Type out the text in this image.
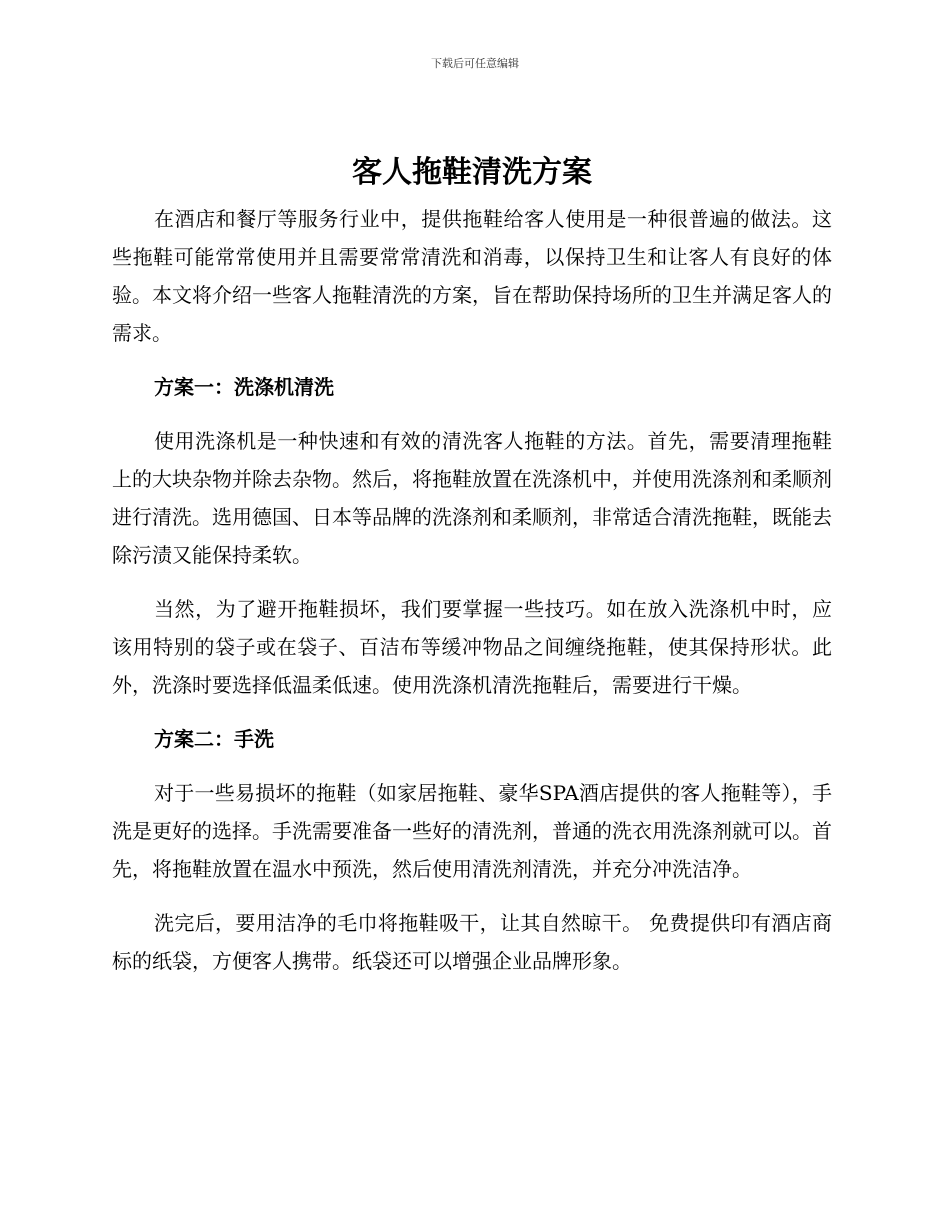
下载后可任意编辑
客人拖鞋清洗方案

在酒店和餐厅等服务行业中，提供拖鞋给客人使用是一种很普遍的做法。这些拖鞋可能常常使用并且需要常常清洗和消毒，以保持卫生和让客人有良好的体验。本文将介绍一些客人拖鞋清洗的方案，旨在帮助保持场所的卫生并满足客人的需求。

方案一：洗涤机清洗

使用洗涤机是一种快速和有效的清洗客人拖鞋的方法。首先，需要清理拖鞋上的大块杂物并除去杂物。然后，将拖鞋放置在洗涤机中，并使用洗涤剂和柔顺剂进行清洗。选用德国、日本等品牌的洗涤剂和柔顺剂，非常适合清洗拖鞋，既能去除污渍又能保持柔软。

当然，为了避开拖鞋损坏，我们要掌握一些技巧。如在放入洗涤机中时，应该用特别的袋子或在袋子、百洁布等缓冲物品之间缠绕拖鞋，使其保持形状。此外，洗涤时要选择低温柔低速。使用洗涤机清洗拖鞋后，需要进行干燥。

方案二：手洗

对于一些易损坏的拖鞋（如家居拖鞋、豪华SPA酒店提供的客人拖鞋等），手洗是更好的选择。手洗需要准备一些好的清洗剂，普通的洗衣用洗涤剂就可以。首先，将拖鞋放置在温水中预洗，然后使用清洗剂清洗，并充分冲洗洁净。

洗完后，要用洁净的毛巾将拖鞋吸干，让其自然晾干。 免费提供印有酒店商标的纸袋，方便客人携带。纸袋还可以增强企业品牌形象。
